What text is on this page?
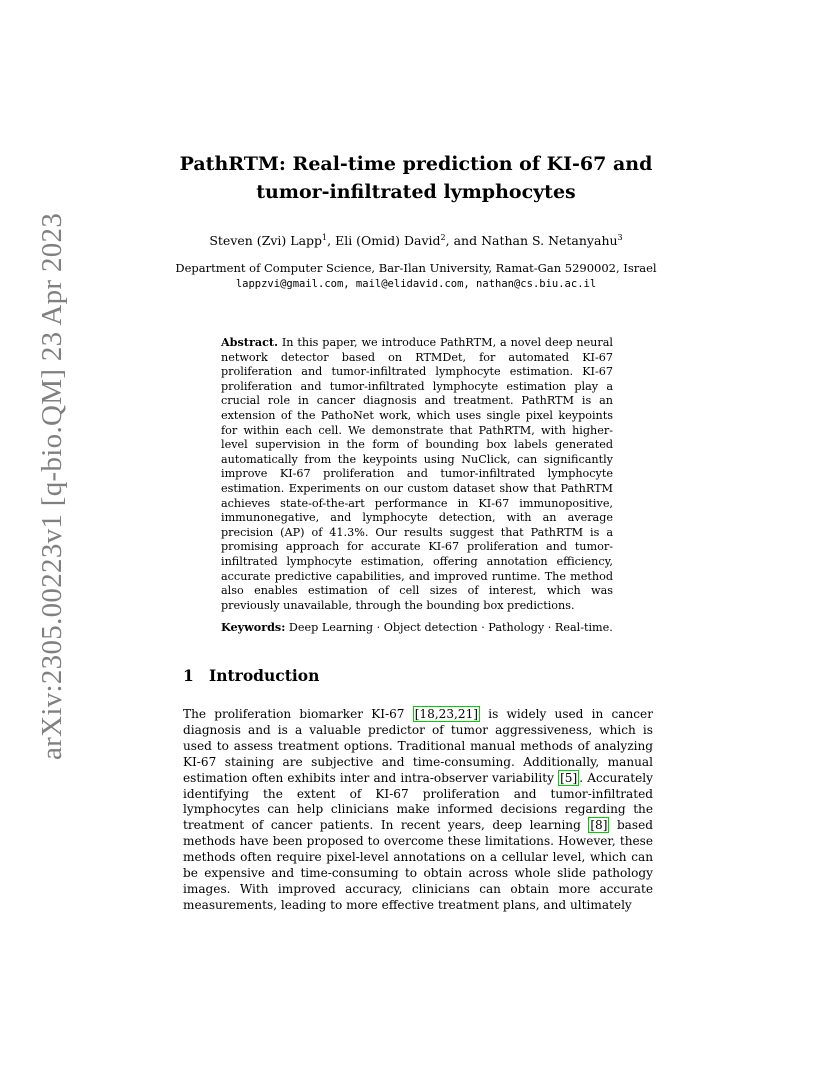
arXiv:2305.00223v1 [q-bio.QM] 23 Apr 2023
PathRTM: Real-time prediction of KI-67 and
tumor-infiltrated lymphocytes
Steven (Zvi) Lapp$^1$, Eli (Omid) David$^2$, and Nathan S. Netanyahu$^3$
Department of Computer Science, Bar-Ilan University, Ramat-Gan 5290002, Israel
lappzvi@gmail.com, mail@elidavid.com, nathan@cs.biu.ac.il
Abstract. In this paper, we introduce PathRTM, a novel deep neural network detector based on RTMDet, for automated KI-67 proliferation and tumor-infiltrated lymphocyte estimation. KI-67 proliferation and tumor-infiltrated lymphocyte estimation play a crucial role in cancer diagnosis and treatment. PathRTM is an extension of the PathoNet work, which uses single pixel keypoints for within each cell. We demonstrate that PathRTM, with higher-level supervision in the form of bounding box labels generated automatically from the keypoints using NuClick, can significantly improve KI-67 proliferation and tumor-infiltrated lymphocyte estimation. Experiments on our custom dataset show that PathRTM achieves state-of-the-art performance in KI-67 immunopositive, immunonegative, and lymphocyte detection, with an average precision (AP) of 41.3%. Our results suggest that PathRTM is a promising approach for accurate KI-67 proliferation and tumor-infiltrated lymphocyte estimation, offering annotation efficiency, accurate predictive capabilities, and improved runtime. The method also enables estimation of cell sizes of interest, which was previously unavailable, through the bounding box predictions.
Keywords: Deep Learning · Object detection · Pathology · Real-time.
1 Introduction
The proliferation biomarker KI-67 [18,23,21] is widely used in cancer diagnosis and is a valuable predictor of tumor aggressiveness, which is used to assess treatment options. Traditional manual methods of analyzing KI-67 staining are subjective and time-consuming. Additionally, manual estimation often exhibits inter and intra-observer variability [5] . Accurately identifying the extent of KI-67 proliferation and tumor-infiltrated lymphocytes can help clinicians make informed decisions regarding the treatment of cancer patients. In recent years, deep learning [8] based methods have been proposed to overcome these limitations. However, these methods often require pixel-level annotations on a cellular level, which can be expensive and time-consuming to obtain across whole slide pathology images. With improved accuracy, clinicians can obtain more accurate measurements, leading to more effective treatment plans, and ultimately
